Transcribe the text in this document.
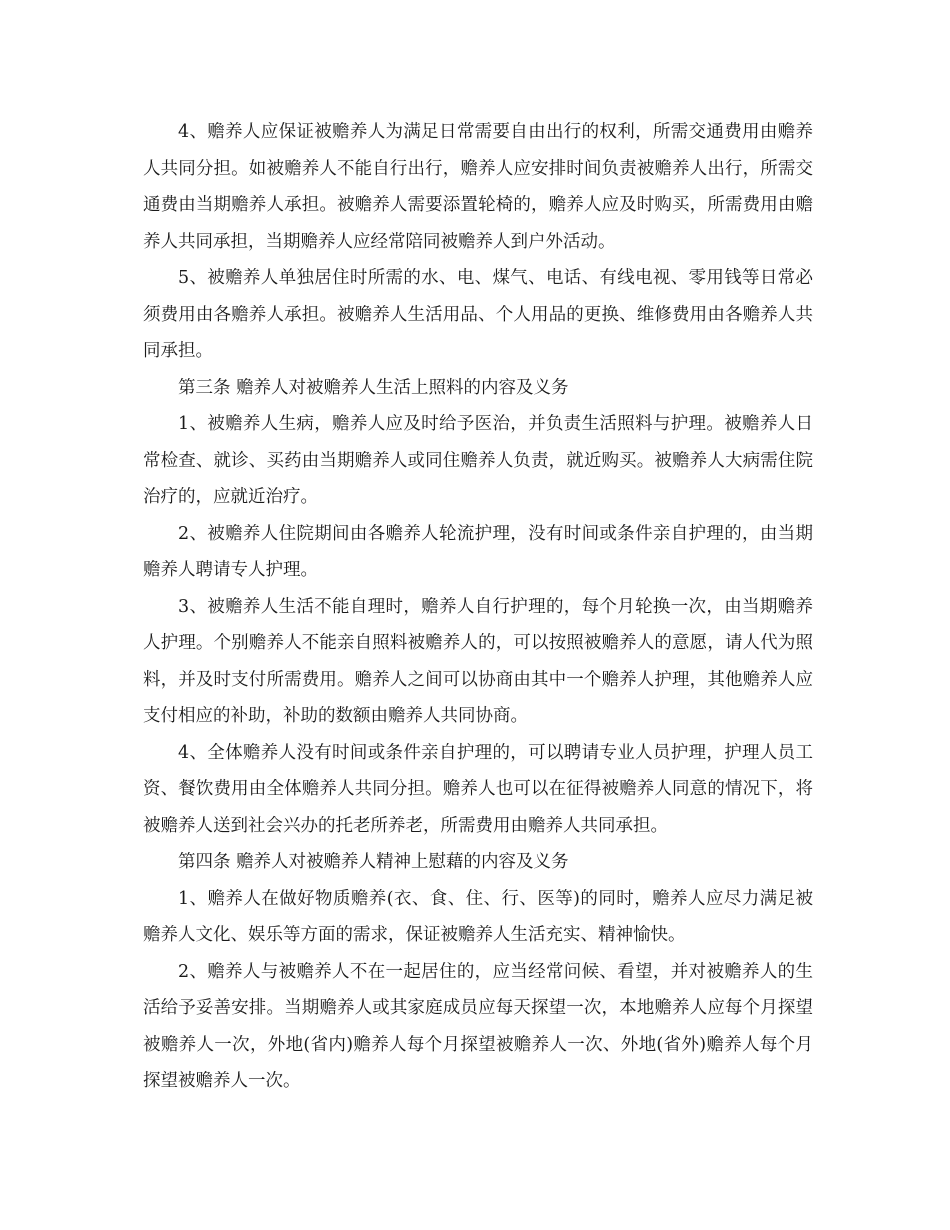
4、赡养人应保证被赡养人为满足日常需要自由出行的权利，所需交通费用由赡养人共同分担。如被赡养人不能自行出行，赡养人应安排时间负责被赡养人出行，所需交通费由当期赡养人承担。被赡养人需要添置轮椅的，赡养人应及时购买，所需费用由赡养人共同承担，当期赡养人应经常陪同被赡养人到户外活动。

5、被赡养人单独居住时所需的水、电、煤气、电话、有线电视、零用钱等日常必须费用由各赡养人承担。被赡养人生活用品、个人用品的更换、维修费用由各赡养人共同承担。

第三条 赡养人对被赡养人生活上照料的内容及义务

1、被赡养人生病，赡养人应及时给予医治，并负责生活照料与护理。被赡养人日常检查、就诊、买药由当期赡养人或同住赡养人负责，就近购买。被赡养人大病需住院治疗的，应就近治疗。

2、被赡养人住院期间由各赡养人轮流护理，没有时间或条件亲自护理的，由当期赡养人聘请专人护理。

3、被赡养人生活不能自理时，赡养人自行护理的，每个月轮换一次，由当期赡养人护理。个别赡养人不能亲自照料被赡养人的，可以按照被赡养人的意愿，请人代为照料，并及时支付所需费用。赡养人之间可以协商由其中一个赡养人护理，其他赡养人应支付相应的补助，补助的数额由赡养人共同协商。

4、全体赡养人没有时间或条件亲自护理的，可以聘请专业人员护理，护理人员工资、餐饮费用由全体赡养人共同分担。赡养人也可以在征得被赡养人同意的情况下，将被赡养人送到社会兴办的托老所养老，所需费用由赡养人共同承担。

第四条 赡养人对被赡养人精神上慰藉的内容及义务

1、赡养人在做好物质赡养(衣、食、住、行、医等)的同时，赡养人应尽力满足被赡养人文化、娱乐等方面的需求，保证被赡养人生活充实、精神愉快。

2、赡养人与被赡养人不在一起居住的，应当经常问候、看望，并对被赡养人的生活给予妥善安排。当期赡养人或其家庭成员应每天探望一次，本地赡养人应每个月探望被赡养人一次，外地(省内)赡养人每个月探望被赡养人一次、外地(省外)赡养人每个月探望被赡养人一次。
